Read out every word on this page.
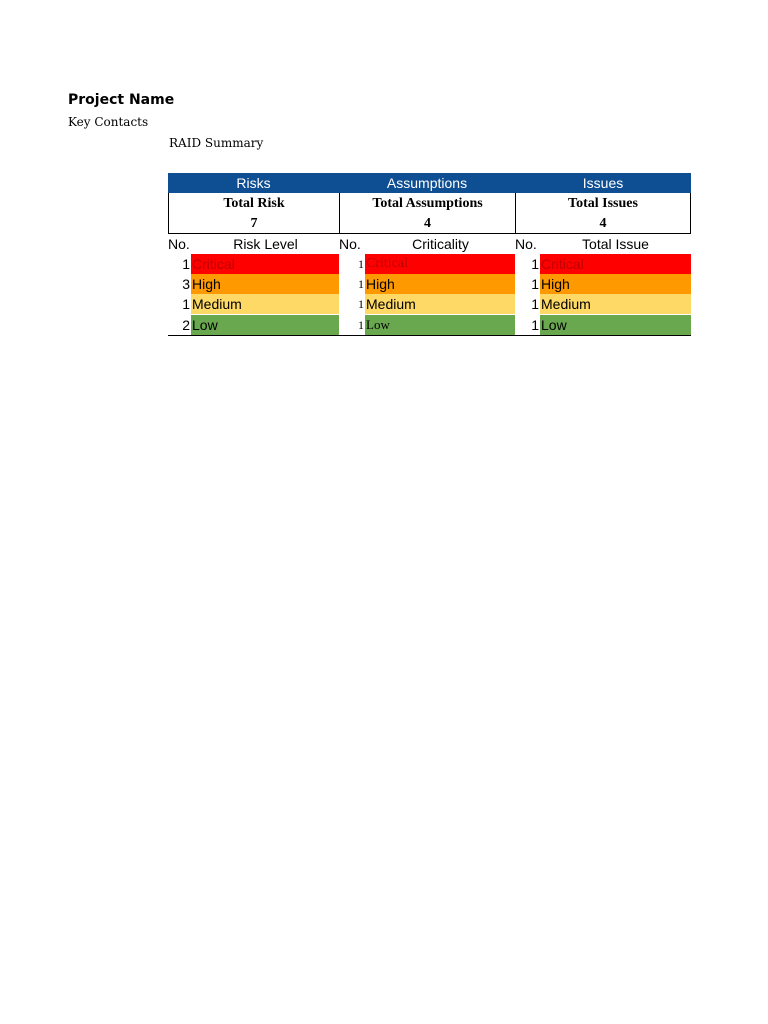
Project Name
Key Contacts
RAID Summary
Risks
Total Risk
7
No.	Risk Level
1 Critical
3 High
1 Medium
2 Low
Assumptions
Total Assumptions
4
No.	Criticality
1 Critical
1 High
1 Medium
1 Low
Issues
Total Issues
4
No.	Total Issue
1 Critical
1 High
1 Medium
1 Low
